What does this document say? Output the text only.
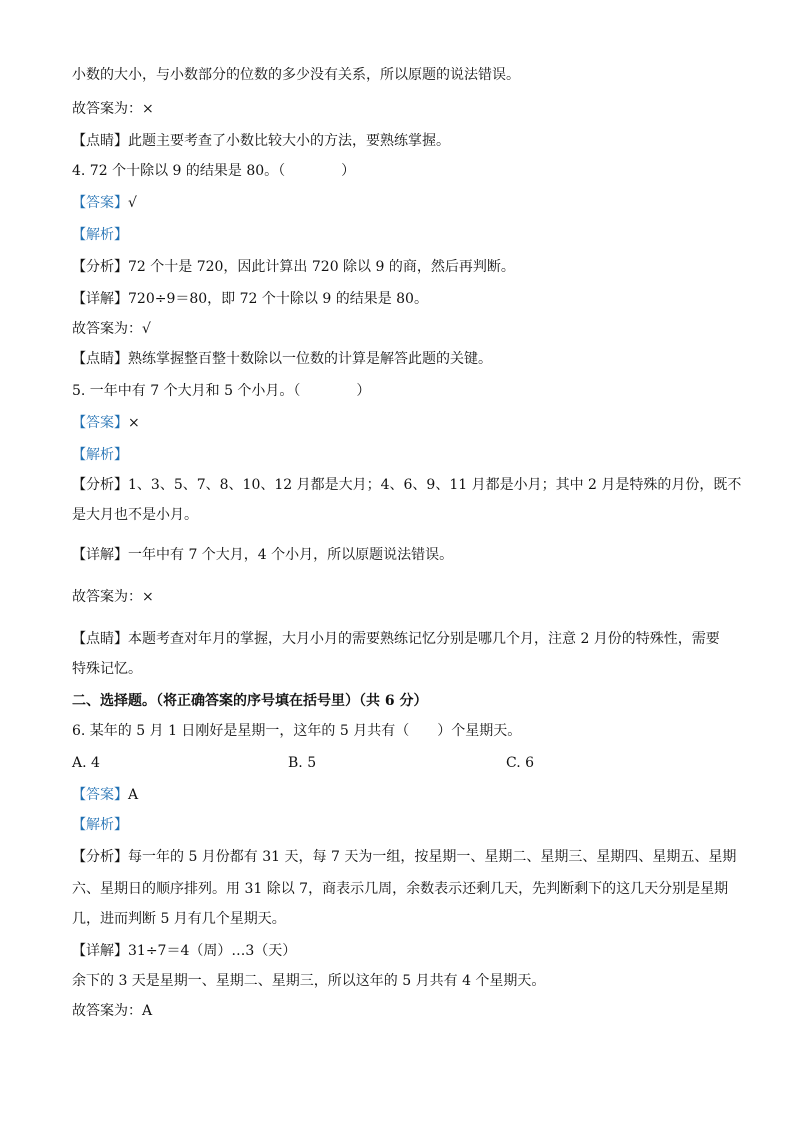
小数的大小，与小数部分的位数的多少没有关系，所以原题的说法错误。
故答案为：×
【点睛】此题主要考查了小数比较大小的方法，要熟练掌握。
4. 72 个十除以 9 的结果是 80。（　　　　）
【答案】√
【解析】
【分析】72 个十是 720，因此计算出 720 除以 9 的商，然后再判断。
【详解】720÷9＝80，即 72 个十除以 9 的结果是 80。
故答案为：√
【点睛】熟练掌握整百整十数除以一位数的计算是解答此题的关键。
5. 一年中有 7 个大月和 5 个小月。（　　　　）
【答案】×
【解析】
【分析】1、3、5、7、8、10、12 月都是大月；4、6、9、11 月都是小月；其中 2 月是特殊的月份，既不
是大月也不是小月。
【详解】一年中有 7 个大月，4 个小月，所以原题说法错误。
故答案为：×
【点睛】本题考查对年月的掌握，大月小月的需要熟练记忆分别是哪几个月，注意 2 月份的特殊性，需要
特殊记忆。
二、选择题。（将正确答案的序号填在括号里）（共 6 分）
6. 某年的 5 月 1 日刚好是星期一，这年的 5 月共有（　　）个星期天。
A. 4	B. 5	C. 6
【答案】A
【解析】
【分析】每一年的 5 月份都有 31 天，每 7 天为一组，按星期一、星期二、星期三、星期四、星期五、星期
六、星期日的顺序排列。用 31 除以 7，商表示几周，余数表示还剩几天，先判断剩下的这几天分别是星期
几，进而判断 5 月有几个星期天。
【详解】31÷7＝4（周）…3（天）
余下的 3 天是星期一、星期二、星期三，所以这年的 5 月共有 4 个星期天。
故答案为：A
